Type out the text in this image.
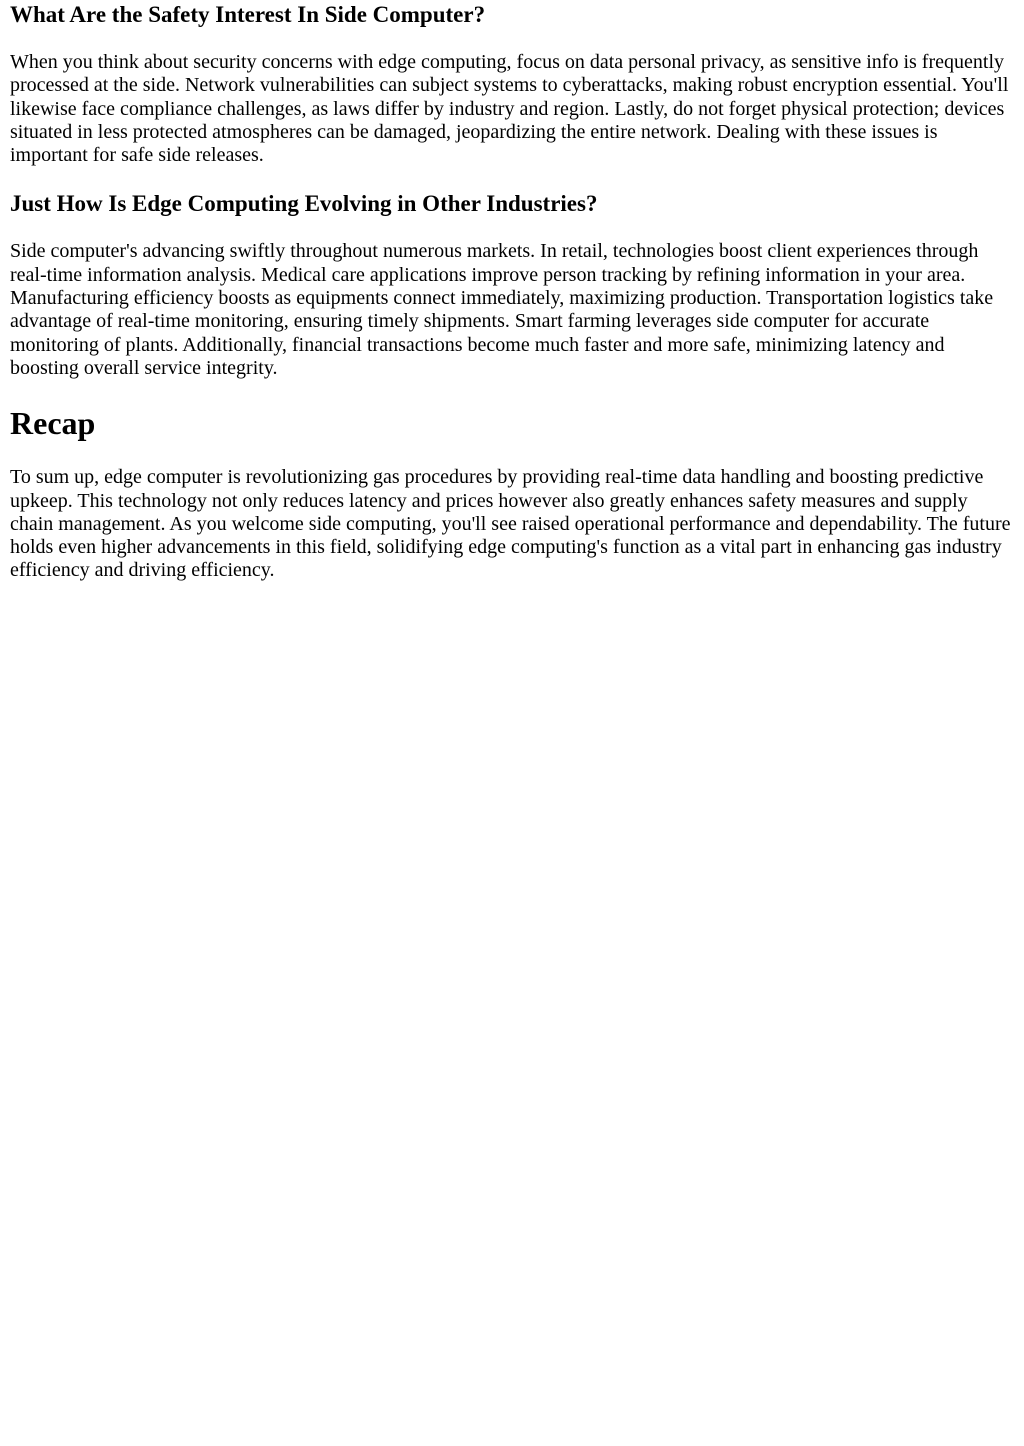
What Are the Safety Interest In Side Computer?

When you think about security concerns with edge computing, focus on data personal privacy, as sensitive info is frequently processed at the side. Network vulnerabilities can subject systems to cyberattacks, making robust encryption essential. You'll likewise face compliance challenges, as laws differ by industry and region. Lastly, do not forget physical protection; devices situated in less protected atmospheres can be damaged, jeopardizing the entire network. Dealing with these issues is important for safe side releases.

Just How Is Edge Computing Evolving in Other Industries?

Side computer's advancing swiftly throughout numerous markets. In retail, technologies boost client experiences through real-time information analysis. Medical care applications improve person tracking by refining information in your area. Manufacturing efficiency boosts as equipments connect immediately, maximizing production. Transportation logistics take advantage of real-time monitoring, ensuring timely shipments. Smart farming leverages side computer for accurate monitoring of plants. Additionally, financial transactions become much faster and more safe, minimizing latency and boosting overall service integrity.

Recap

To sum up, edge computer is revolutionizing gas procedures by providing real-time data handling and boosting predictive upkeep. This technology not only reduces latency and prices however also greatly enhances safety measures and supply chain management. As you welcome side computing, you'll see raised operational performance and dependability. The future holds even higher advancements in this field, solidifying edge computing's function as a vital part in enhancing gas industry efficiency and driving efficiency.
